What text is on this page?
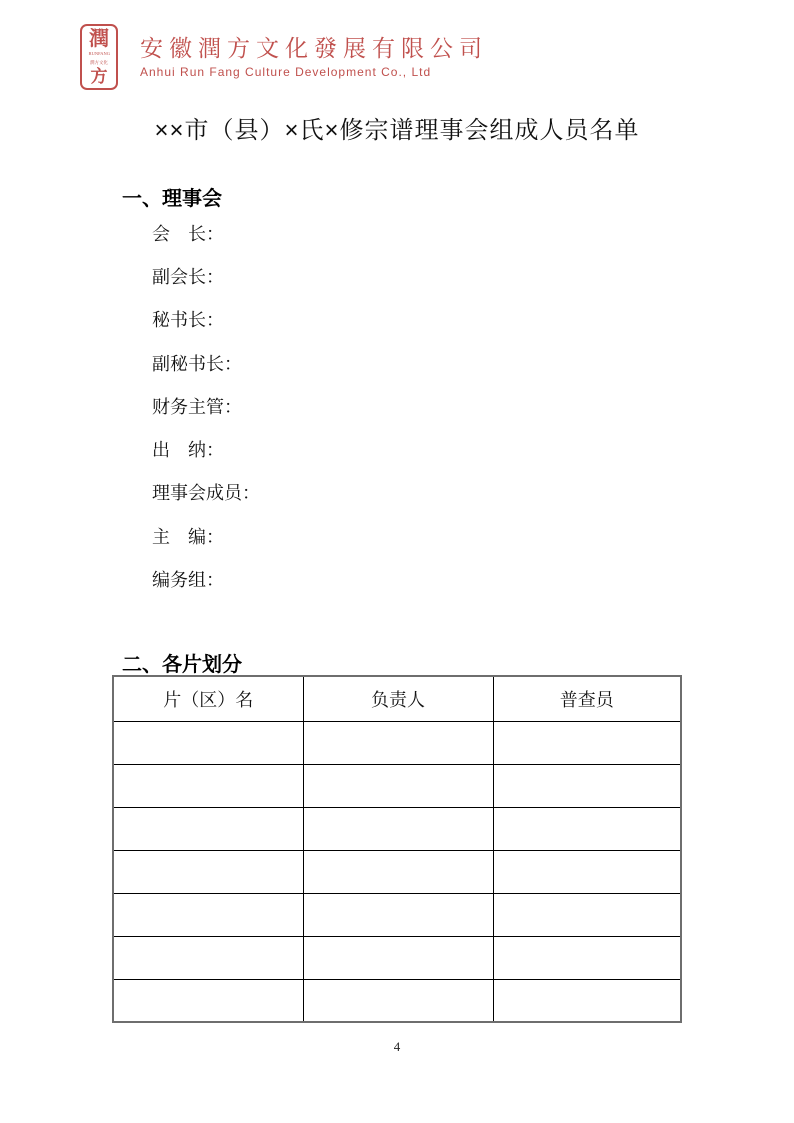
潤
RUNFANG
潤方文化
方
安徽潤方文化發展有限公司
Anhui Run Fang Culture Development Co., Ltd
××市（县）×氏×修宗谱理事会组成人员名单
一、理事会
会　长：
副会长：
秘书长：
副秘书长：
财务主管：
出　纳：
理事会成员：
主　编：
编务组：
二、各片划分
片（区）名	负责人	普查员

4
